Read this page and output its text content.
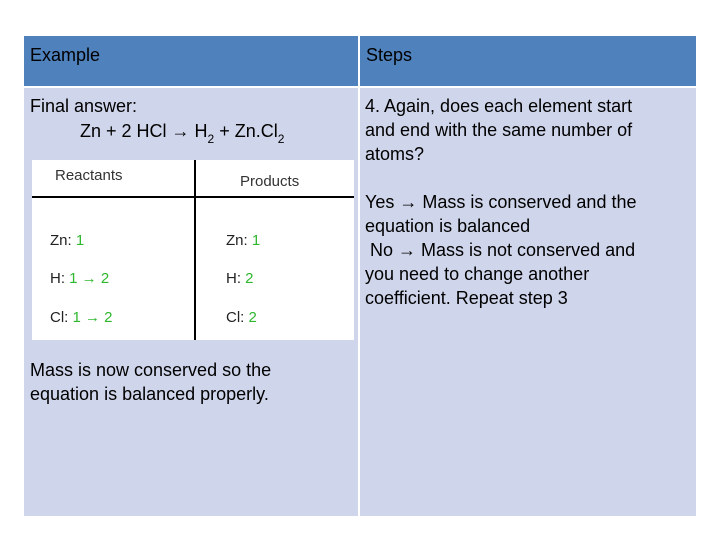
Example	Steps
Final answer:
Zn + 2 HCl → $H_2 + Zn.Cl_2$
Reactants	Products
Zn: 1	Zn: 1
H: 1 → 2	H: 2
Cl: 1 → 2	Cl: 2
Mass is now conserved so the
equation is balanced properly.
4. Again, does each element start
and end with the same number of
atoms?
Yes → Mass is conserved and the
equation is balanced
No → Mass is not conserved and
you need to change another
coefficient. Repeat step 3
